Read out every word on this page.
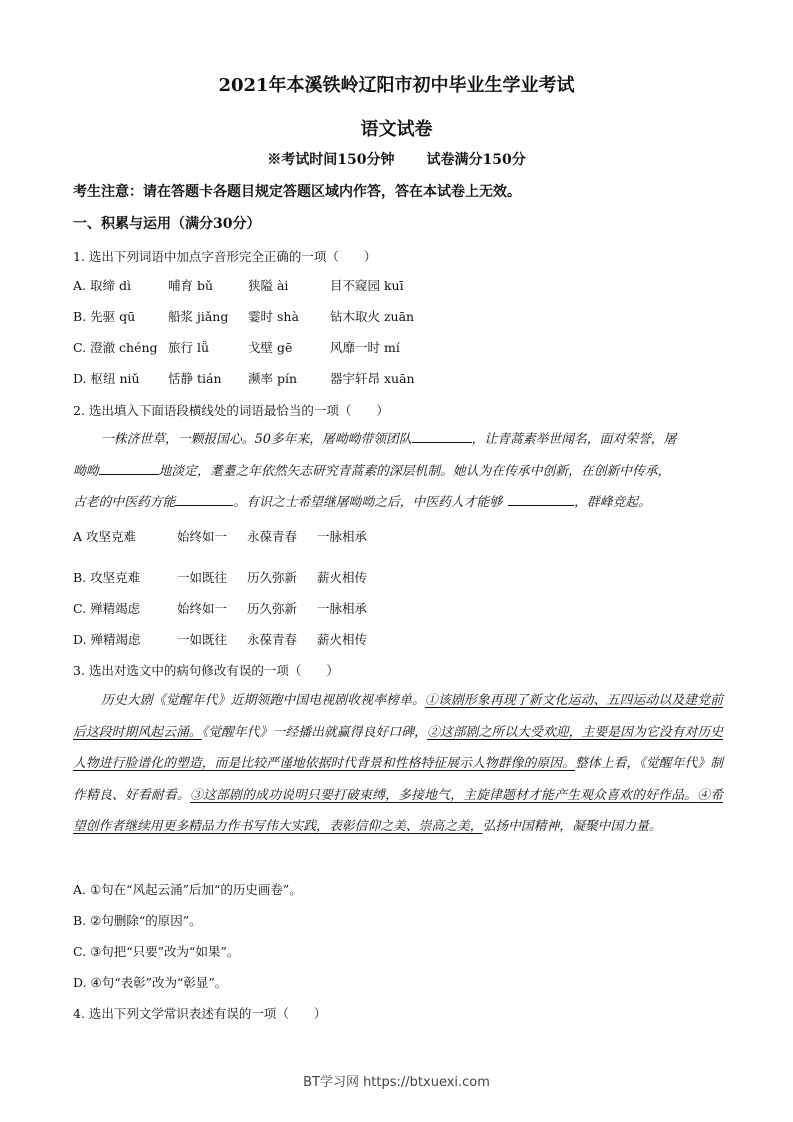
2021年本溪铁岭辽阳市初中毕业生学业考试
语文试卷
※考试时间150分钟 试卷满分150分
考生注意：请在答题卡各题目规定答题区域内作答，答在本试卷上无效。
一、积累与运用（满分30分）
1. 选出下列词语中加点字音形完全正确的一项（　　）
A. 取缔 dì	哺育 bǔ	狭隘 ài	目不窥园 kuī
B. 先驱 qū	船浆 jiǎng 霎时 shà 钻木取火 zuān
C. 澄澈 chéng 旅行 lǚ	戈壁 gē	风靡一时 mí
D. 枢纽 niǔ 恬静 tián 濒率 pín	器宇轩昂 xuān
2. 选出填入下面语段横线处的词语最恰当的一项（　　）
一株济世草，一颗报国心。50多年来，屠呦呦带领团队	，让青蒿素举世闻名，面对荣誉，屠
呦呦	地淡定，耄耋之年依然矢志研究青蒿素的深层机制。她认为在传承中创新，在创新中传承，
古老的中医药方能	。有识之士希望继屠呦呦之后，中医药人才能够	，群峰竞起。
A 攻坚克难	始终如一 永葆青春 一脉相承
B. 攻坚克难	一如既往 历久弥新 薪火相传
C. 殚精竭虑	始终如一 历久弥新 一脉相承
D. 殚精竭虑	一如既往 永葆青春 薪火相传
3. 选出对选文中的病句修改有误的一项（　　）
历史大剧《觉醒年代》近期领跑中国电视剧收视率榜单。①该剧形象再现了新文化运动、五四运动以及建党前后这段时期风起云涌。《觉醒年代》一经播出就赢得良好口碑，②这部剧之所以大受欢迎，主要是因为它没有对历史人物进行脸谱化的塑造，而是比较严谨地依据时代背景和性格特征展示人物群像的原因。整体上看，《觉醒年代》制作精良、好看耐看。③这部剧的成功说明只要打破束缚，多接地气，主旋律题材才能产生观众喜欢的好作品。④希望创作者继续用更多精品力作书写伟大实践，表彰信仰之美、崇高之美，弘扬中国精神，凝聚中国力量。
A. ①句在“风起云涌”后加“的历史画卷”。
B. ②句删除“的原因”。
C. ③句把“只要”改为“如果”。
D. ④句“表彰”改为“彰显”。
4. 选出下列文学常识表述有误的一项（　　）
BT学习网 https://btxuexi.com
